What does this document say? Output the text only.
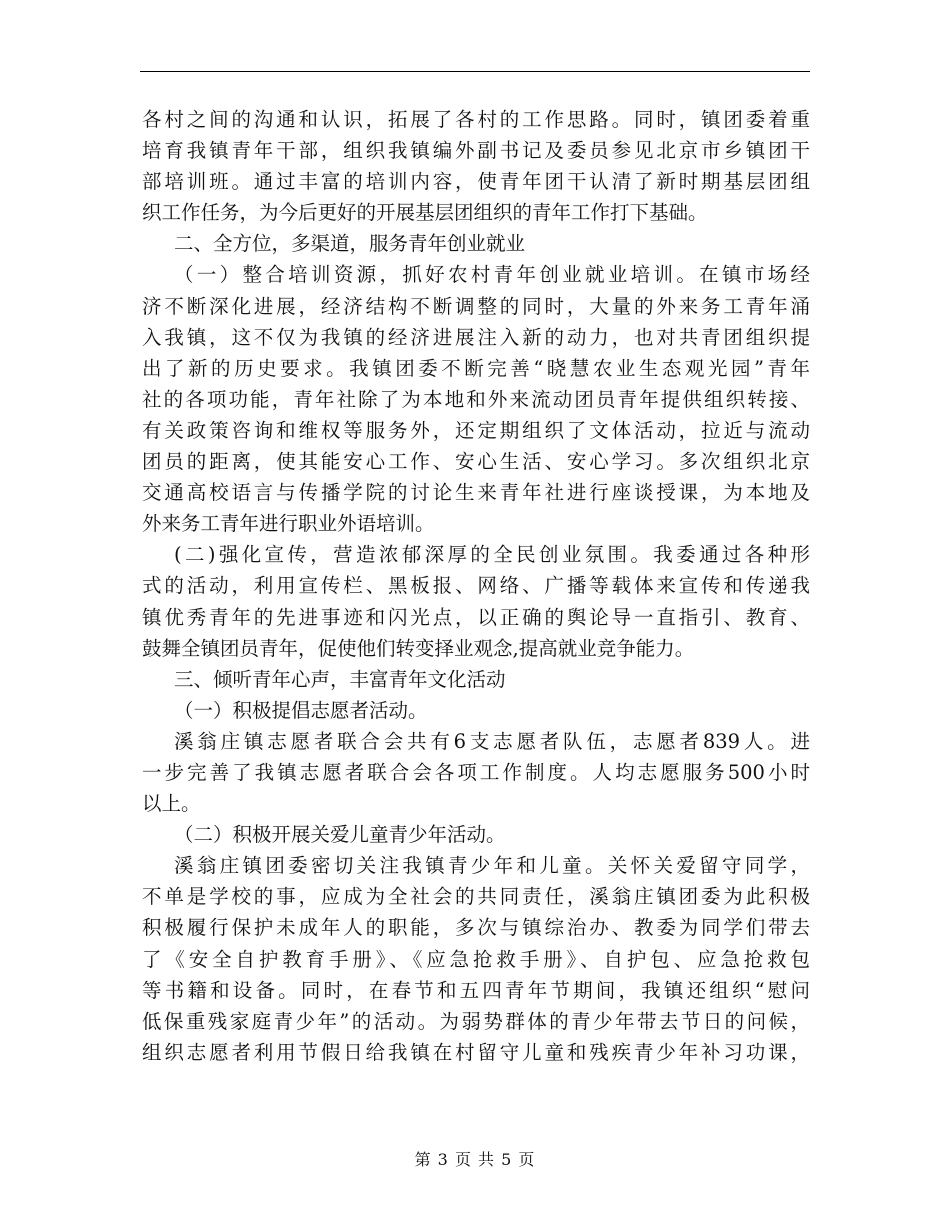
各村之间的沟通和认识，拓展了各村的工作思路。同时，镇团委着重
培育我镇青年干部，组织我镇编外副书记及委员参见北京市乡镇团干
部培训班。通过丰富的培训内容，使青年团干认清了新时期基层团组
织工作任务，为今后更好的开展基层团组织的青年工作打下基础。
二、全方位，多渠道，服务青年创业就业
（一）整合培训资源，抓好农村青年创业就业培训。在镇市场经
济不断深化进展，经济结构不断调整的同时，大量的外来务工青年涌
入我镇，这不仅为我镇的经济进展注入新的动力，也对共青团组织提
出了新的历史要求。我镇团委不断完善“晓慧农业生态观光园”青年
社的各项功能，青年社除了为本地和外来流动团员青年提供组织转接、
有关政策咨询和维权等服务外，还定期组织了文体活动，拉近与流动
团员的距离，使其能安心工作、安心生活、安心学习。多次组织北京
交通高校语言与传播学院的讨论生来青年社进行座谈授课，为本地及
外来务工青年进行职业外语培训。
(二)强化宣传，营造浓郁深厚的全民创业氛围。我委通过各种形
式的活动，利用宣传栏、黑板报、网络、广播等载体来宣传和传递我
镇优秀青年的先进事迹和闪光点，以正确的舆论导一直指引、教育、
鼓舞全镇团员青年，促使他们转变择业观念,提高就业竞争能力。
三、倾听青年心声，丰富青年文化活动
（一）积极提倡志愿者活动。
溪翁庄镇志愿者联合会共有6支志愿者队伍，志愿者839人。进
一步完善了我镇志愿者联合会各项工作制度。人均志愿服务500小时
以上。
（二）积极开展关爱儿童青少年活动。
溪翁庄镇团委密切关注我镇青少年和儿童。关怀关爱留守同学，
不单是学校的事，应成为全社会的共同责任，溪翁庄镇团委为此积极
积极履行保护未成年人的职能，多次与镇综治办、教委为同学们带去
了《安全自护教育手册》、《应急抢救手册》、自护包、应急抢救包
等书籍和设备。同时，在春节和五四青年节期间，我镇还组织“慰问
低保重残家庭青少年”的活动。为弱势群体的青少年带去节日的问候，
组织志愿者利用节假日给我镇在村留守儿童和残疾青少年补习功课，
第 3 页 共 5 页
